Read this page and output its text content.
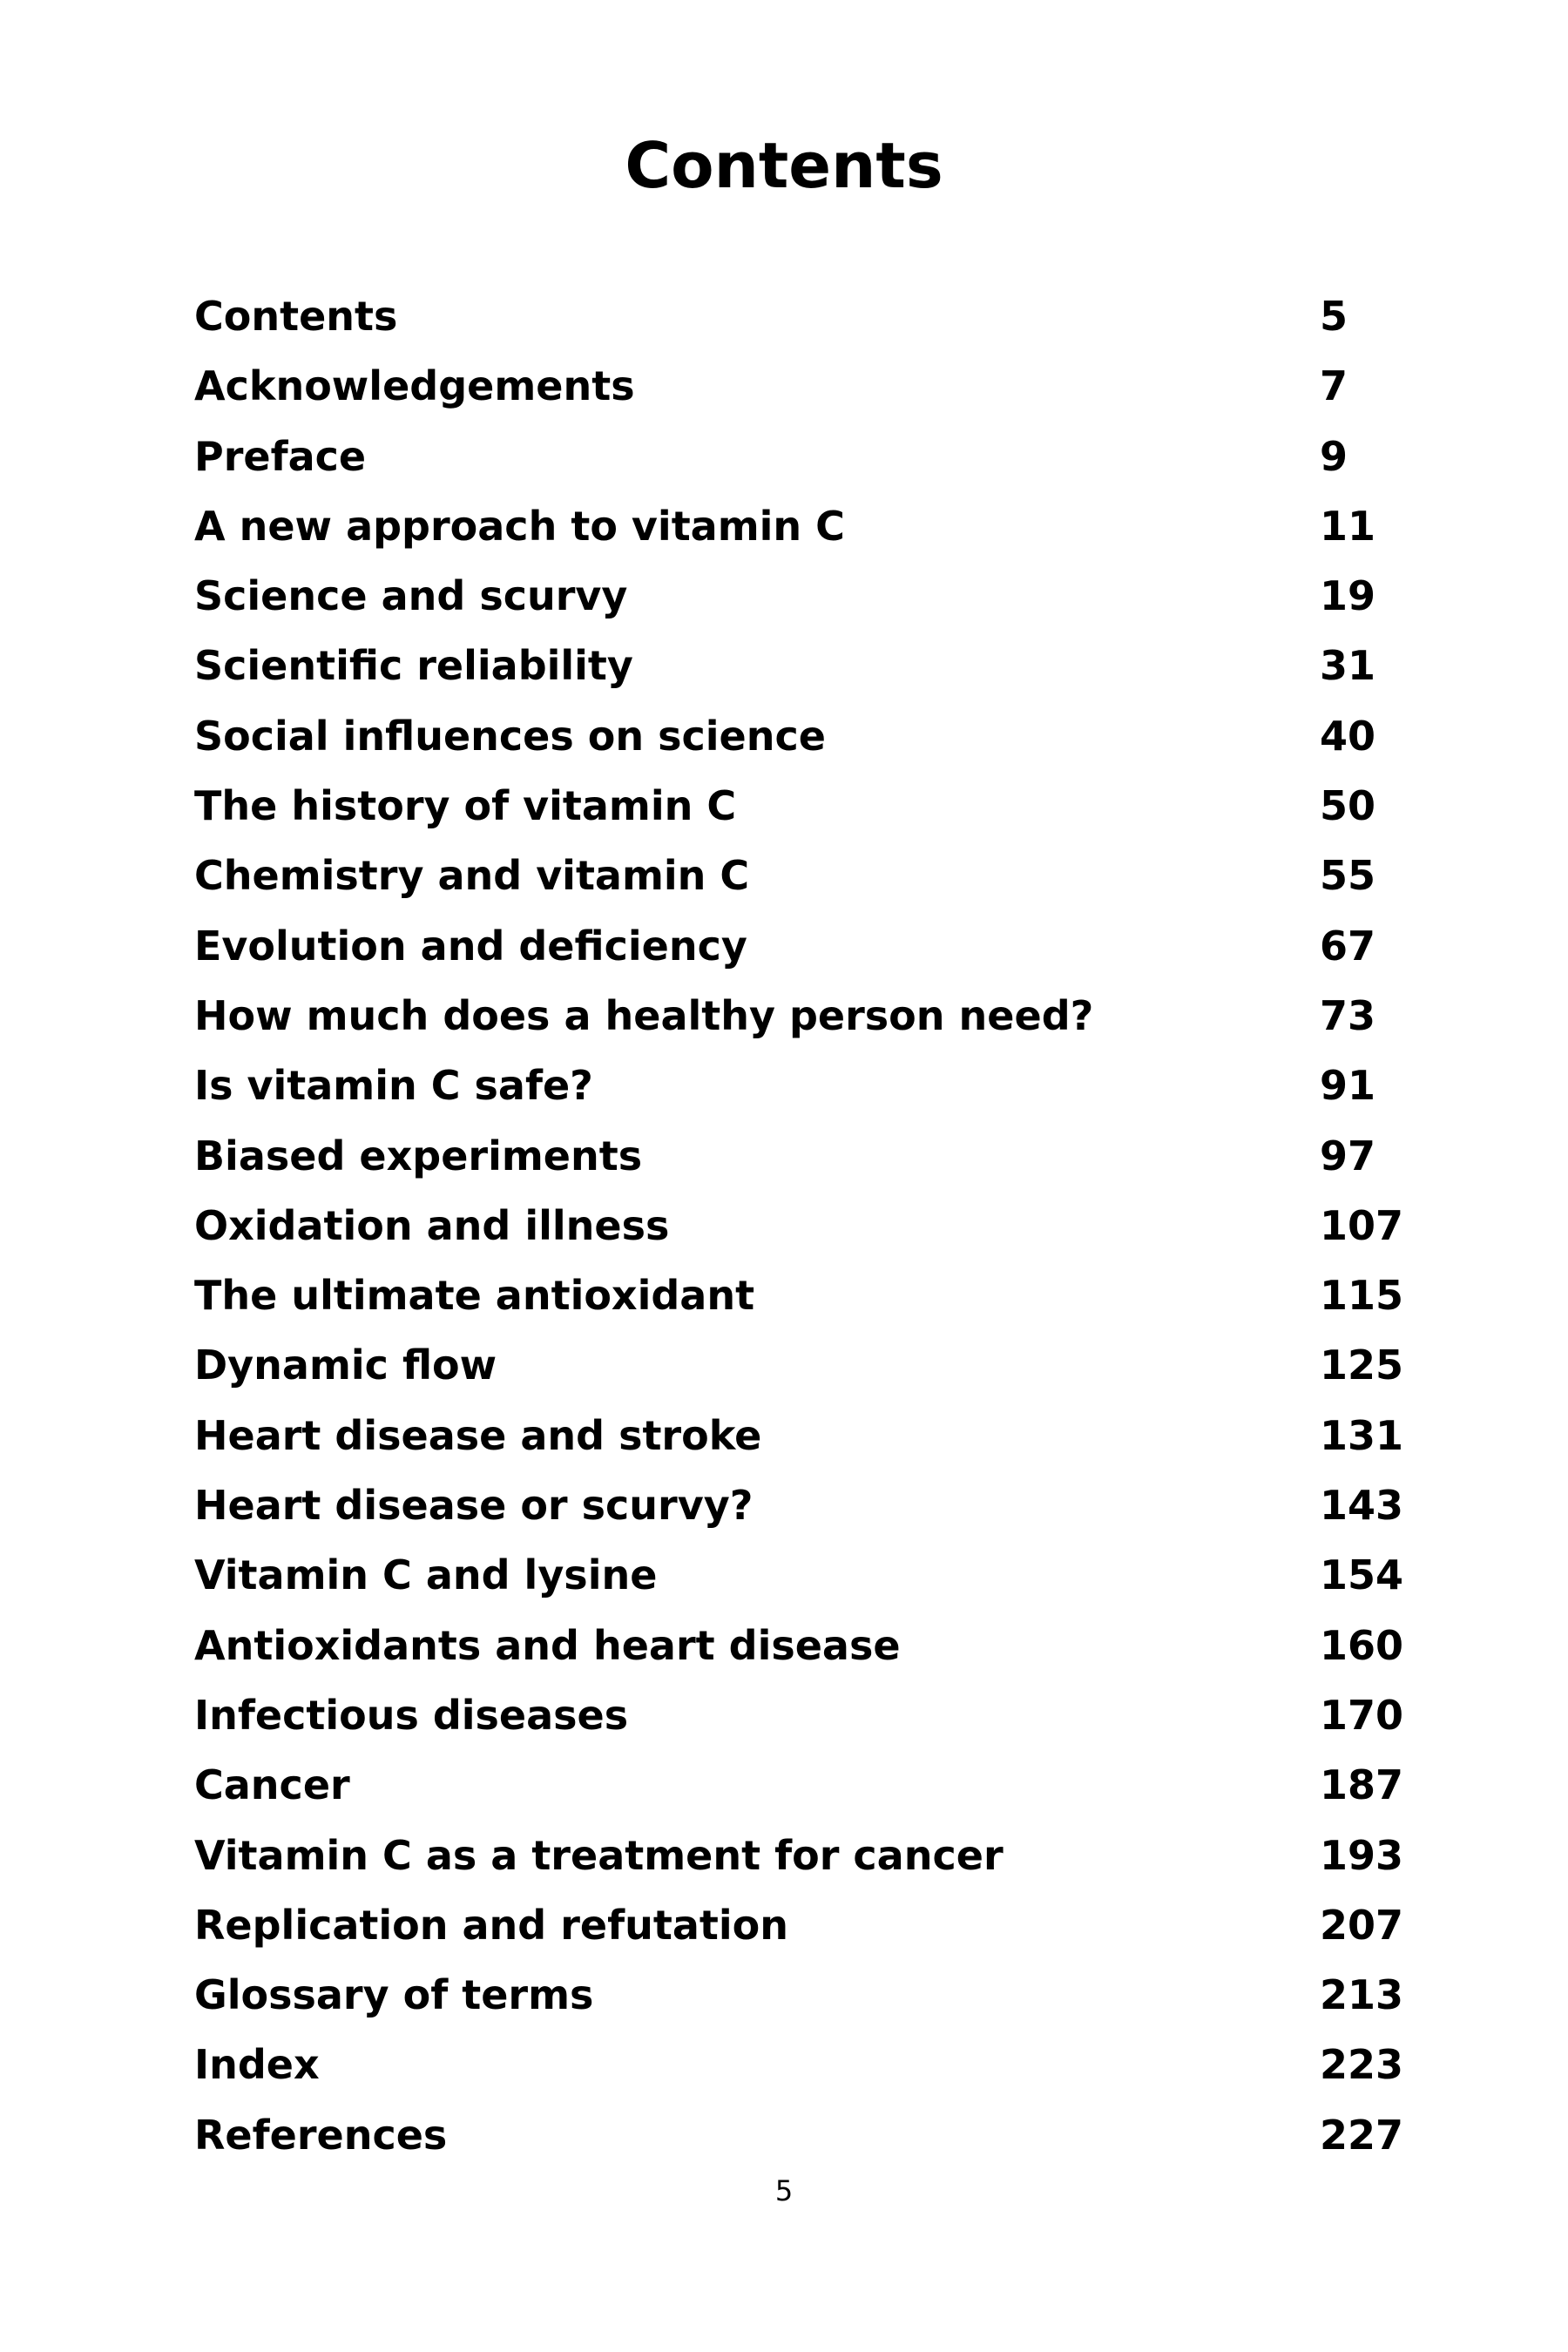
Contents
Contents	5
Acknowledgements	7
Preface	9
A new approach to vitamin C	11
Science and scurvy	19
Scientific reliability	31
Social influences on science	40
The history of vitamin C	50
Chemistry and vitamin C	55
Evolution and deficiency	67
How much does a healthy person need?	73
Is vitamin C safe?	91
Biased experiments	97
Oxidation and illness	107
The ultimate antioxidant	115
Dynamic flow	125
Heart disease and stroke	131
Heart disease or scurvy?	143
Vitamin C and lysine	154
Antioxidants and heart disease	160
Infectious diseases	170
Cancer	187
Vitamin C as a treatment for cancer	193
Replication and refutation	207
Glossary of terms	213
Index	223
References	227
5
